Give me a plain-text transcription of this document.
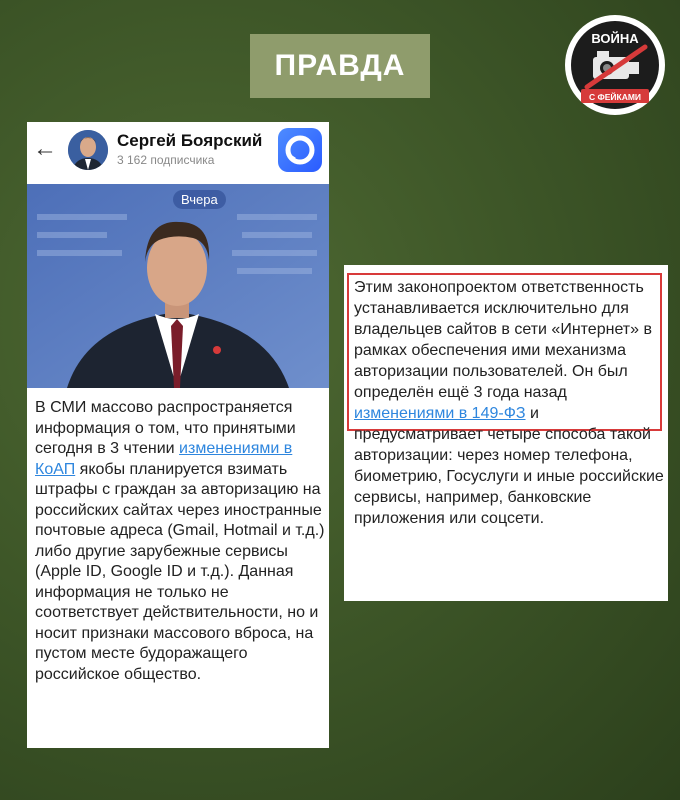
ПРАВДА
ВОЙНА
С ФЕЙКАМИ
←	Сергей Боярский
3 162 подписчика
Вчера
В СМИ массово распространяется информация о том, что принятыми сегодня в 3 чтении изменениями в КоАП якобы планируется взимать штрафы с граждан за авторизацию на российских сайтах через иностранные почтовые адреса (Gmail, Hotmail и т.д.) либо другие зарубежные сервисы (Apple ID, Google ID и т.д.). Данная информация не только не соответствует действительности, но и носит признаки массового вброса, на пустом месте будоражащего российское общество.
Этим законопроектом ответственность устанавливается исключительно для владельцев сайтов в сети «Интернет» в рамках обеспечения ими механизма авторизации пользователей. Он был определён ещё 3 года назад изменениями в 149-ФЗ и предусматривает четыре способа такой авторизации: через номер телефона, биометрию, Госуслуги и иные российские сервисы, например, банковские приложения или соцсети.
